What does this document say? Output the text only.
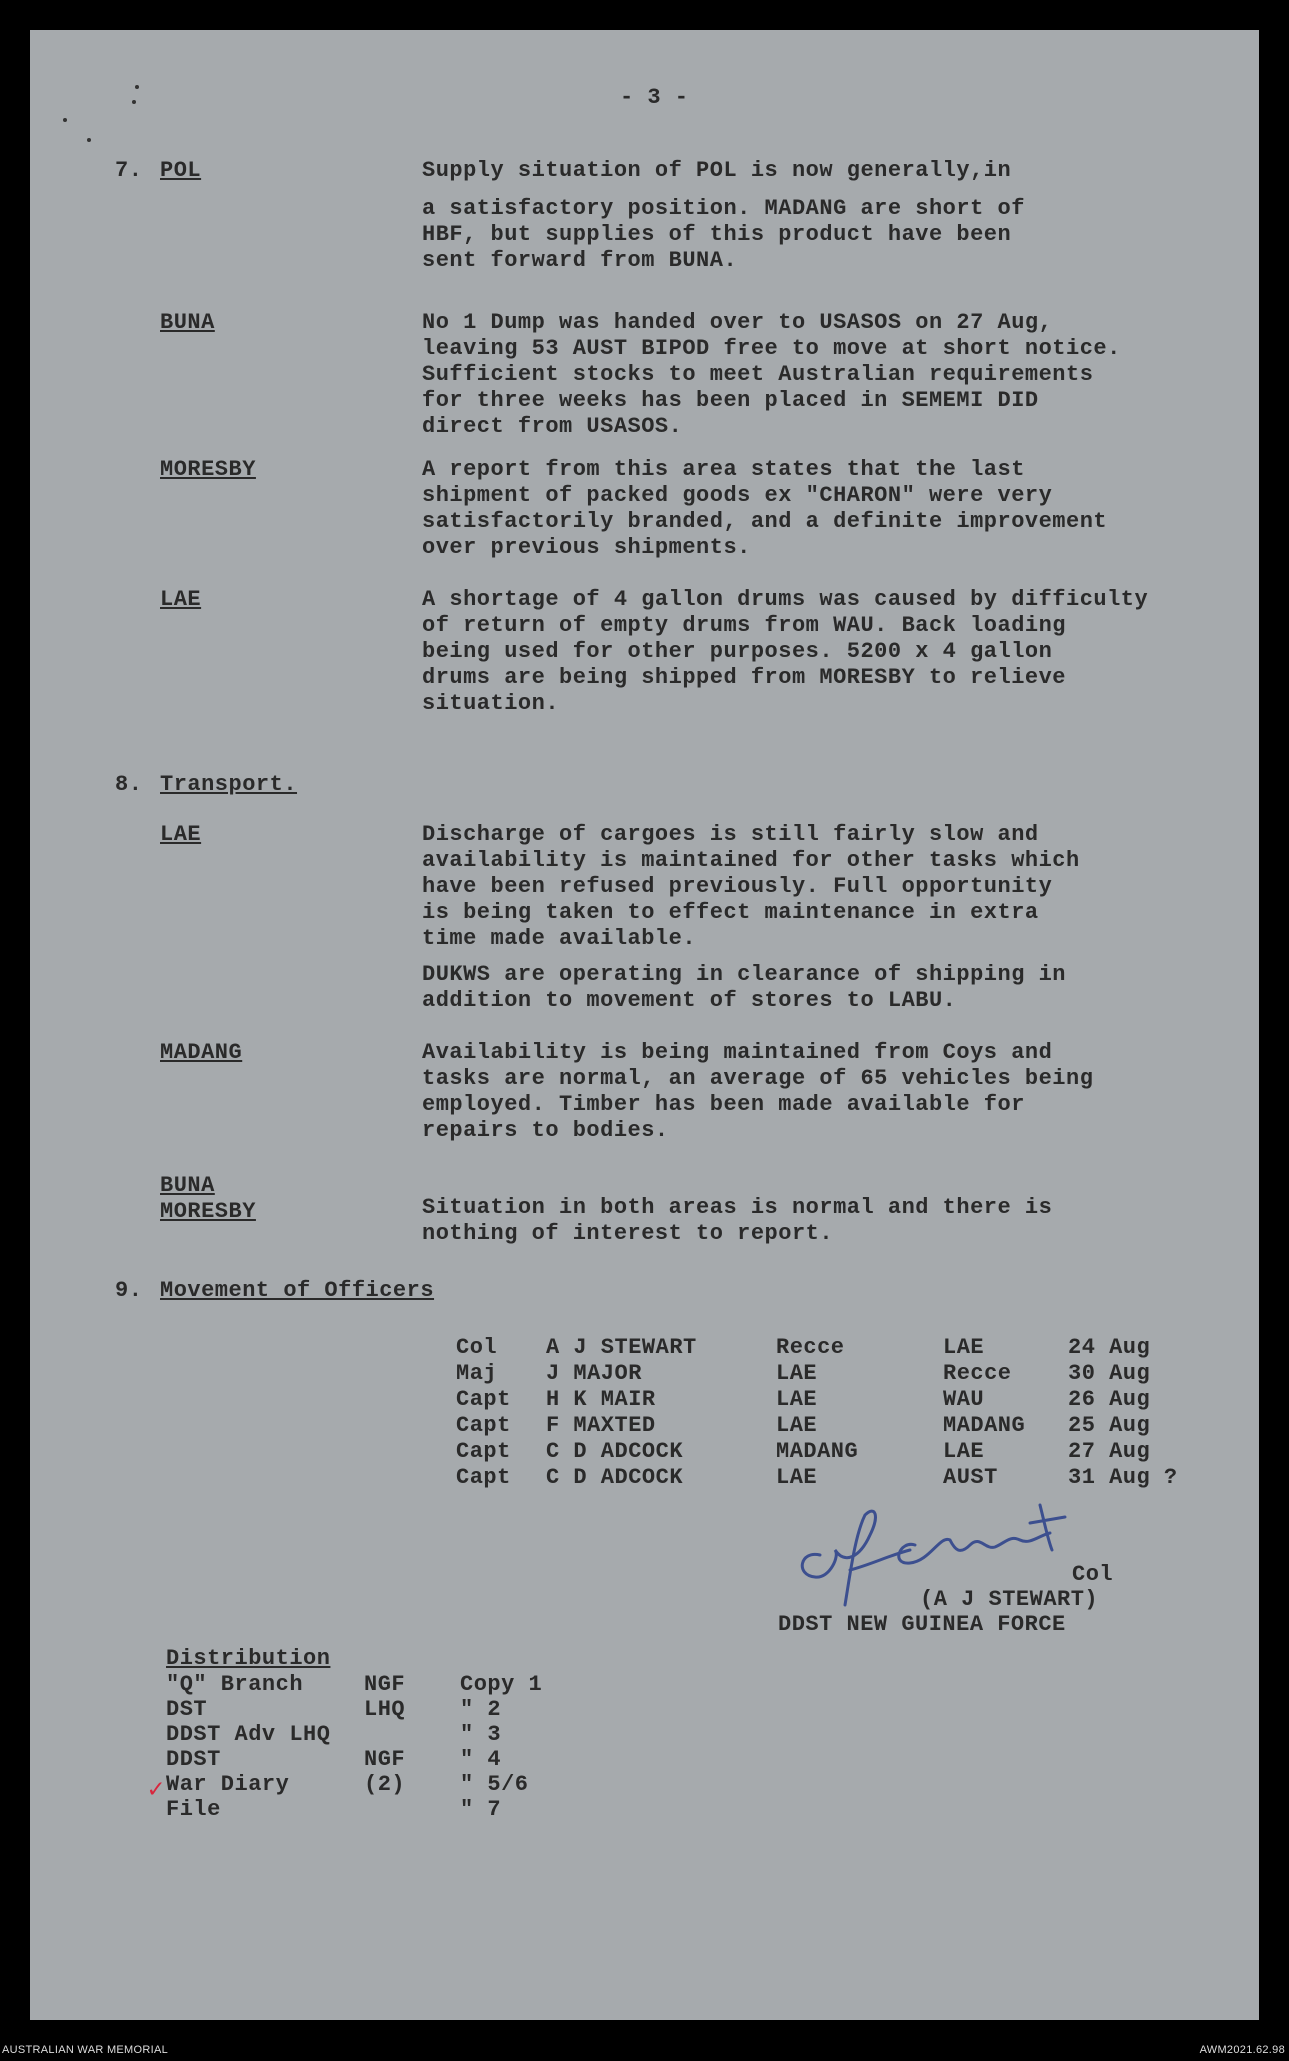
- 3 -
7. POL	Supply situation of POL is now generally,in
a satisfactory position. MADANG are short of
HBF, but supplies of this product have been
sent forward from BUNA.
BUNA	No 1 Dump was handed over to USASOS on 27 Aug,
leaving 53 AUST BIPOD free to move at short notice.
Sufficient stocks to meet Australian requirements
for three weeks has been placed in SEMEMI DID
direct from USASOS.
MORESBY	A report from this area states that the last
shipment of packed goods ex "CHARON" were very
satisfactorily branded, and a definite improvement
over previous shipments.
LAE	A shortage of 4 gallon drums was caused by difficulty
of return of empty drums from WAU. Back loading
being used for other purposes. 5200 x 4 gallon
drums are being shipped from MORESBY to relieve
situation.
8. Transport.
LAE	Discharge of cargoes is still fairly slow and
availability is maintained for other tasks which
have been refused previously. Full opportunity
is being taken to effect maintenance in extra
time made available.
DUKWS are operating in clearance of shipping in
addition to movement of stores to LABU.
MADANG	Availability is being maintained from Coys and
tasks are normal, an average of 65 vehicles being
employed. Timber has been made available for
repairs to bodies.
BUNA
MORESBY	Situation in both areas is normal and there is
nothing of interest to report.
9. Movement of Officers
Col A J STEWART	Recce	LAE	24 Aug
Maj J MAJOR	LAE	Recce	30 Aug
Capt H K MAIR	LAE	WAU	26 Aug
Capt F MAXTED	LAE	MADANG 25 Aug
Capt C D ADCOCK	MADANG	LAE	27 Aug
Capt C D ADCOCK	LAE	AUST	31 Aug ?
Col
(A J STEWART)
DDST NEW GUINEA FORCE
Distribution
"Q" Branch	NGF Copy 1
DST	LHQ " 2
DDST Adv LHQ	" 3
DDST	NGF " 4
War Diary	(2) " 5/6
File	" 7
✓
AUSTRALIAN WAR MEMORIAL	AWM2021.62.98
